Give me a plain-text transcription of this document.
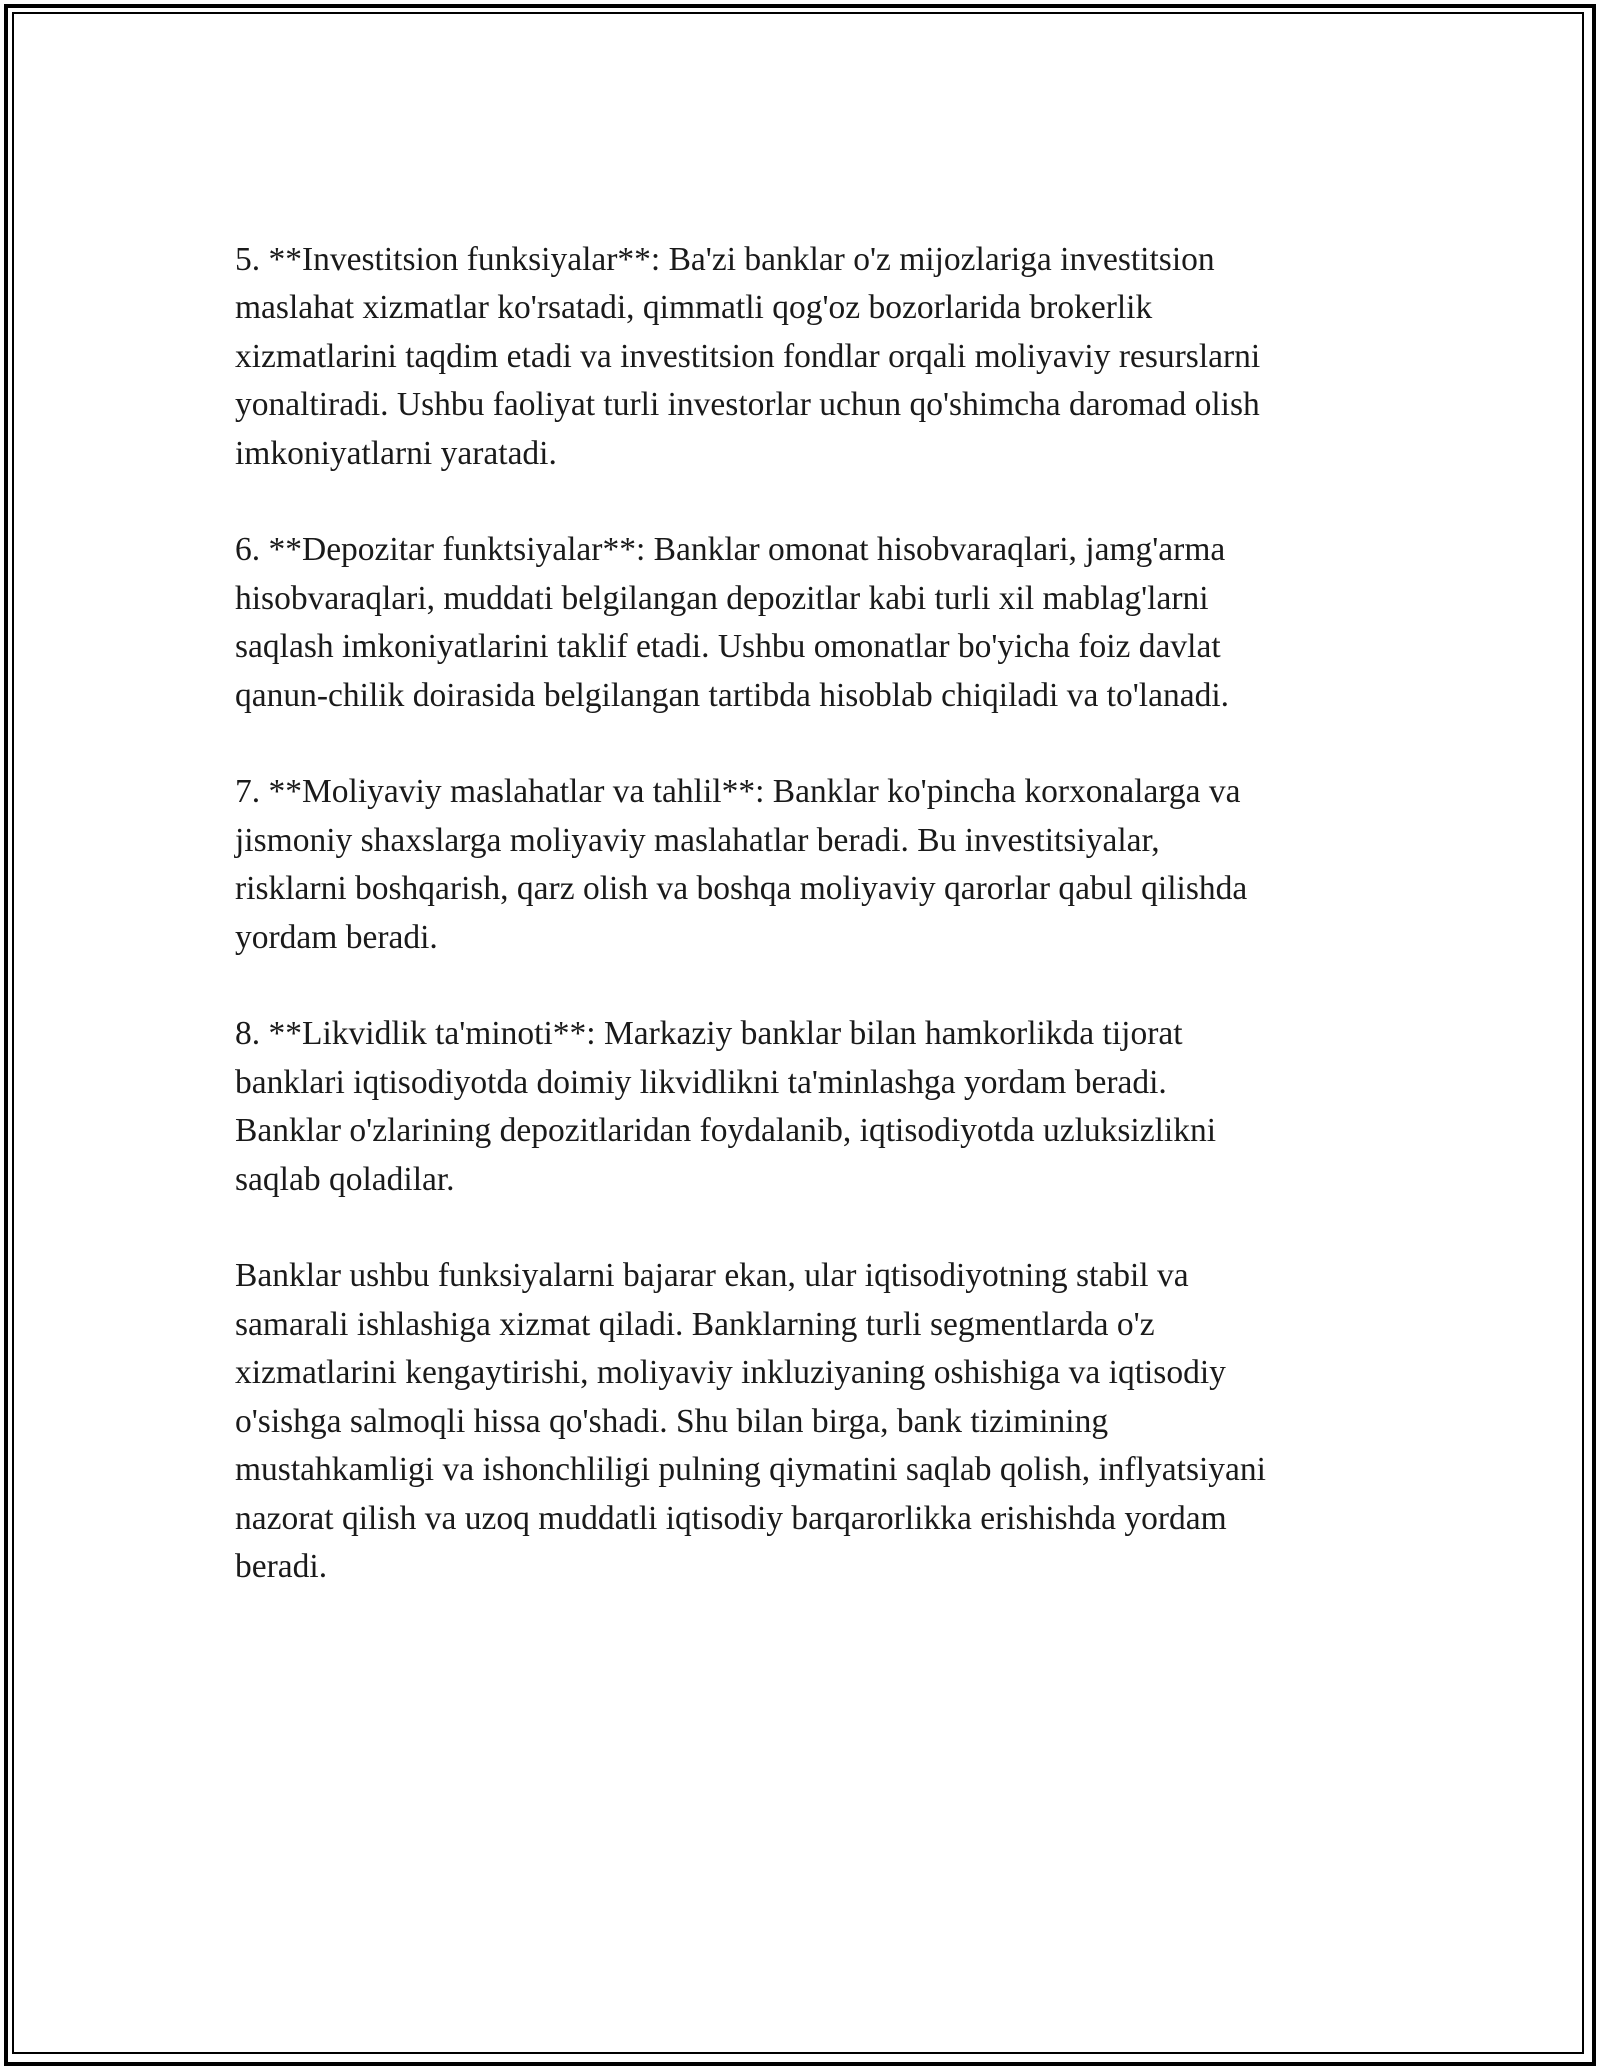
5. **Investitsion funksiyalar**: Ba'zi banklar o'z mijozlariga investitsion
maslahat xizmatlar ko'rsatadi, qimmatli qog'oz bozorlarida brokerlik
xizmatlarini taqdim etadi va investitsion fondlar orqali moliyaviy resurslarni
yonaltiradi. Ushbu faoliyat turli investorlar uchun qo'shimcha daromad olish
imkoniyatlarni yaratadi.

6. **Depozitar funktsiyalar**: Banklar omonat hisobvaraqlari, jamg'arma
hisobvaraqlari, muddati belgilangan depozitlar kabi turli xil mablag'larni
saqlash imkoniyatlarini taklif etadi. Ushbu omonatlar bo'yicha foiz davlat
qanun-chilik doirasida belgilangan tartibda hisoblab chiqiladi va to'lanadi.

7. **Moliyaviy maslahatlar va tahlil**: Banklar ko'pincha korxonalarga va
jismoniy shaxslarga moliyaviy maslahatlar beradi. Bu investitsiyalar,
risklarni boshqarish, qarz olish va boshqa moliyaviy qarorlar qabul qilishda
yordam beradi.

8. **Likvidlik ta'minoti**: Markaziy banklar bilan hamkorlikda tijorat
banklari iqtisodiyotda doimiy likvidlikni ta'minlashga yordam beradi.
Banklar o'zlarining depozitlaridan foydalanib, iqtisodiyotda uzluksizlikni
saqlab qoladilar.

Banklar ushbu funksiyalarni bajarar ekan, ular iqtisodiyotning stabil va
samarali ishlashiga xizmat qiladi. Banklarning turli segmentlarda o'z
xizmatlarini kengaytirishi, moliyaviy inkluziyaning oshishiga va iqtisodiy
o'sishga salmoqli hissa qo'shadi. Shu bilan birga, bank tizimining
mustahkamligi va ishonchliligi pulning qiymatini saqlab qolish, inflyatsiyani
nazorat qilish va uzoq muddatli iqtisodiy barqarorlikka erishishda yordam
beradi.
